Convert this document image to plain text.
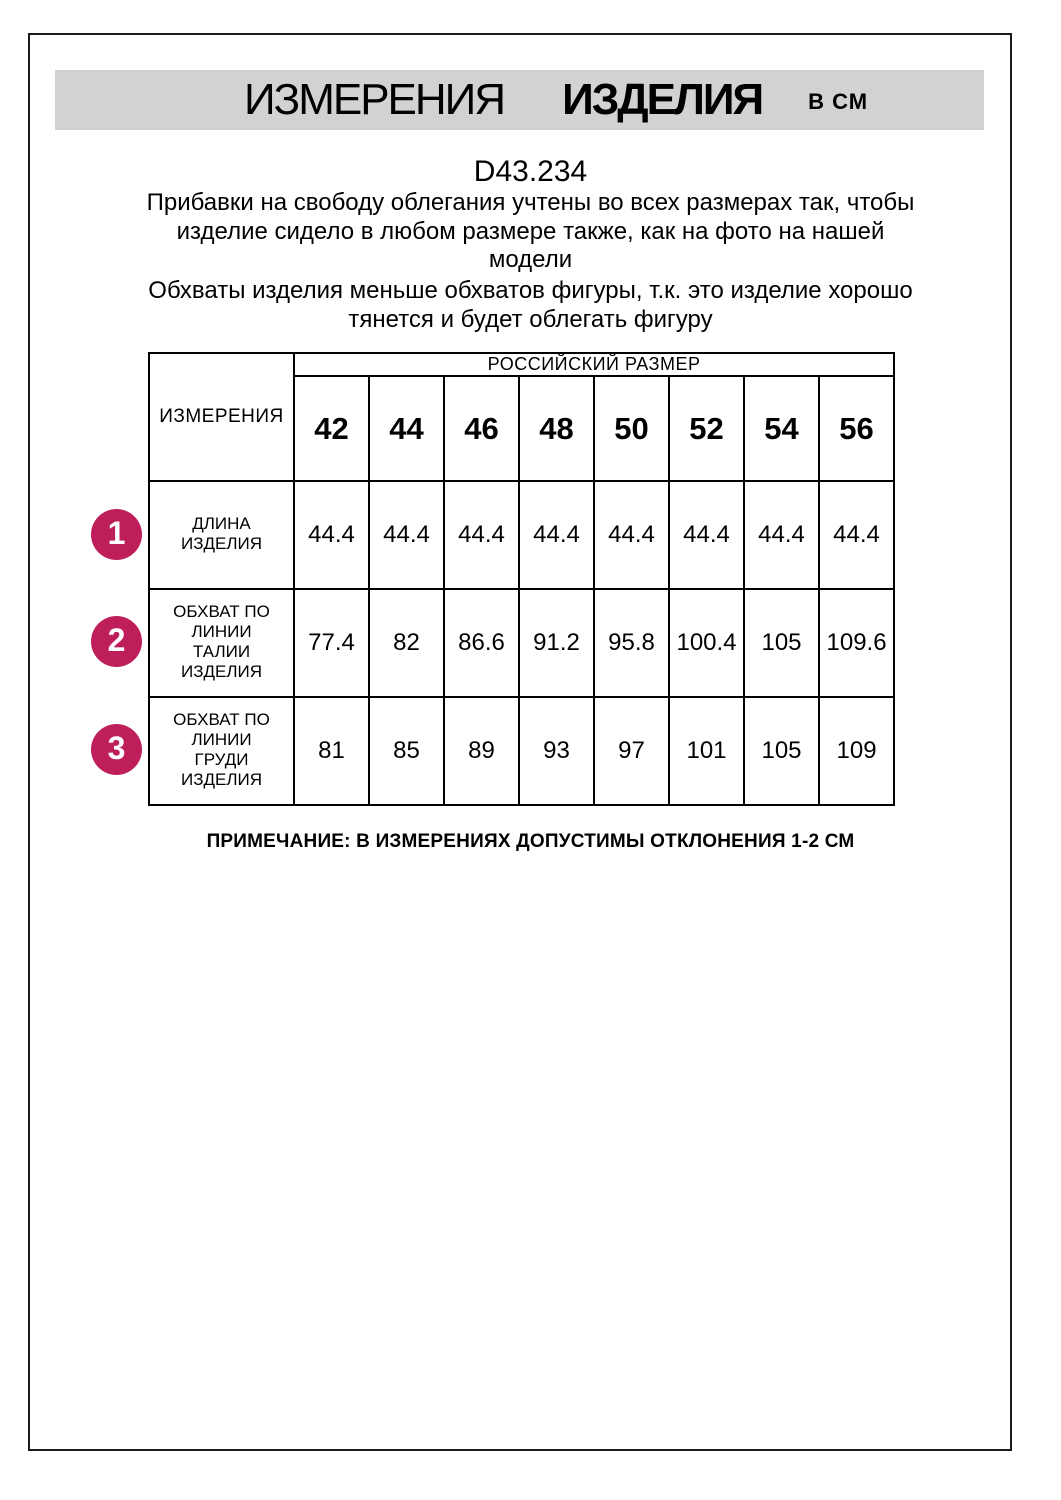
ИЗМЕРЕНИЯ ИЗДЕЛИЯ В СМ
D43.234
Прибавки на свободу облегания учтены во всех размерах так, чтобы
изделие сидело в любом размере также, как на фото на нашей
модели
Обхваты изделия меньше обхватов фигуры, т.к. это изделие хорошо
тянется и будет облегать фигуру
1
2
3
ИЗМЕРЕНИЯ	РОССИЙСКИЙ РАЗМЕР							
	42	44	46	48	50	52	54	56
ДЛИНА ИЗДЕЛИЯ	44.4	44.4	44.4	44.4	44.4	44.4	44.4	44.4
ОБХВАТ ПО ЛИНИИ ТАЛИИ ИЗДЕЛИЯ	77.4	82	86.6	91.2	95.8	100.4	105	109.6
ОБХВАТ ПО ЛИНИИ ГРУДИ ИЗДЕЛИЯ	81	85	89	93	97	101	105	109
ПРИМЕЧАНИЕ: В ИЗМЕРЕНИЯХ ДОПУСТИМЫ ОТКЛОНЕНИЯ 1-2 СМ
